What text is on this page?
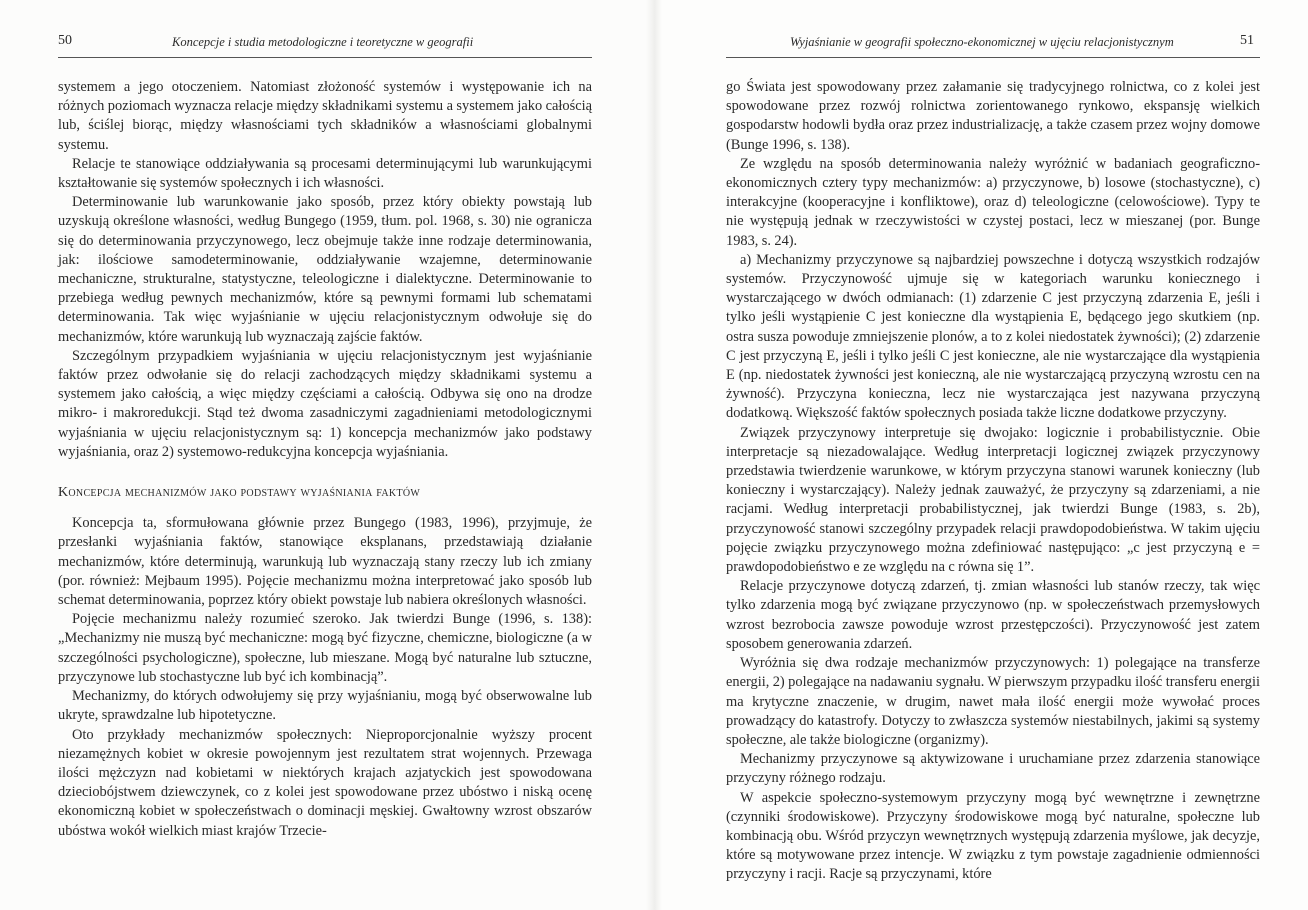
50	Koncepcje i studia metodologiczne i teoretyczne w geografii

systemem a jego otoczeniem. Natomiast złożoność systemów i występowanie ich na różnych poziomach wyznacza relacje między składnikami systemu a systemem jako całością lub, ściślej biorąc, między własnościami tych składników a własnościami globalnymi systemu.

Relacje te stanowiące oddziaływania są procesami determinującymi lub warunkującymi kształtowanie się systemów społecznych i ich własności.

Determinowanie lub warunkowanie jako sposób, przez który obiekty powstają lub uzyskują określone własności, według Bungego (1959, tłum. pol. 1968, s. 30) nie ogranicza się do determinowania przyczynowego, lecz obejmuje także inne rodzaje determinowania, jak: ilościowe samodeterminowanie, oddziaływanie wzajemne, determinowanie mechaniczne, strukturalne, statystyczne, teleologiczne i dialektyczne. Determinowanie to przebiega według pewnych mechanizmów, które są pewnymi formami lub schematami determinowania. Tak więc wyjaśnianie w ujęciu relacjonistycznym odwołuje się do mechanizmów, które warunkują lub wyznaczają zajście faktów.

Szczególnym przypadkiem wyjaśniania w ujęciu relacjonistycznym jest wyjaśnianie faktów przez odwołanie się do relacji zachodzących między składnikami systemu a systemem jako całością, a więc między częściami a całością. Odbywa się ono na drodze mikro- i makroredukcji. Stąd też dwoma zasadniczymi zagadnieniami metodologicznymi wyjaśniania w ujęciu relacjonistycznym są: 1) koncepcja mechanizmów jako podstawy wyjaśniania, oraz 2) systemowo-redukcyjna koncepcja wyjaśniania.

Koncepcja mechanizmów jako podstawy wyjaśniania faktów

Koncepcja ta, sformułowana głównie przez Bungego (1983, 1996), przyjmuje, że przesłanki wyjaśniania faktów, stanowiące eksplanans, przedstawiają działanie mechanizmów, które determinują, warunkują lub wyznaczają stany rzeczy lub ich zmiany (por. również: Mejbaum 1995). Pojęcie mechanizmu można interpretować jako sposób lub schemat determinowania, poprzez który obiekt powstaje lub nabiera określonych własności.

Pojęcie mechanizmu należy rozumieć szeroko. Jak twierdzi Bunge (1996, s. 138): „Mechanizmy nie muszą być mechaniczne: mogą być fizyczne, chemiczne, biologiczne (a w szczególności psychologiczne), społeczne, lub mieszane. Mogą być naturalne lub sztuczne, przyczynowe lub stochastyczne lub być ich kombinacją”.

Mechanizmy, do których odwołujemy się przy wyjaśnianiu, mogą być obserwowalne lub ukryte, sprawdzalne lub hipotetyczne.

Oto przykłady mechanizmów społecznych: Nieproporcjonalnie wyższy procent niezamężnych kobiet w okresie powojennym jest rezultatem strat wojennych. Przewaga ilości mężczyzn nad kobietami w niektórych krajach azjatyckich jest spowodowana dzieciobójstwem dziewczynek, co z kolei jest spowodowane przez ubóstwo i niską ocenę ekonomiczną kobiet w społeczeństwach o dominacji męskiej. Gwałtowny wzrost obszarów ubóstwa wokół wielkich miast krajów Trzecie-

Wyjaśnianie w geografii społeczno-ekonomicznej w ujęciu relacjonistycznym	51

go Świata jest spowodowany przez załamanie się tradycyjnego rolnictwa, co z kolei jest spowodowane przez rozwój rolnictwa zorientowanego rynkowo, ekspansję wielkich gospodarstw hodowli bydła oraz przez industrializację, a także czasem przez wojny domowe (Bunge 1996, s. 138).

Ze względu na sposób determinowania należy wyróżnić w badaniach geograficzno-ekonomicznych cztery typy mechanizmów: a) przyczynowe, b) losowe (stochastyczne), c) interakcyjne (kooperacyjne i konfliktowe), oraz d) teleologiczne (celowościowe). Typy te nie występują jednak w rzeczywistości w czystej postaci, lecz w mieszanej (por. Bunge 1983, s. 24).

a) Mechanizmy przyczynowe są najbardziej powszechne i dotyczą wszystkich rodzajów systemów. Przyczynowość ujmuje się w kategoriach warunku koniecznego i wystarczającego w dwóch odmianach: (1) zdarzenie C jest przyczyną zdarzenia E, jeśli i tylko jeśli wystąpienie C jest konieczne dla wystąpienia E, będącego jego skutkiem (np. ostra susza powoduje zmniejszenie plonów, a to z kolei niedostatek żywności); (2) zdarzenie C jest przyczyną E, jeśli i tylko jeśli C jest konieczne, ale nie wystarczające dla wystąpienia E (np. niedostatek żywności jest konieczną, ale nie wystarczającą przyczyną wzrostu cen na żywność). Przyczyna konieczna, lecz nie wystarczająca jest nazywana przyczyną dodatkową. Większość faktów społecznych posiada także liczne dodatkowe przyczyny.

Związek przyczynowy interpretuje się dwojako: logicznie i probabilistycznie. Obie interpretacje są niezadowalające. Według interpretacji logicznej związek przyczynowy przedstawia twierdzenie warunkowe, w którym przyczyna stanowi warunek konieczny (lub konieczny i wystarczający). Należy jednak zauważyć, że przyczyny są zdarzeniami, a nie racjami. Według interpretacji probabilistycznej, jak twierdzi Bunge (1983, s. 2b), przyczynowość stanowi szczególny przypadek relacji prawdopodobieństwa. W takim ujęciu pojęcie związku przyczynowego można zdefiniować następująco: „c jest przyczyną e = prawdopodobieństwo e ze względu na c równa się 1”.

Relacje przyczynowe dotyczą zdarzeń, tj. zmian własności lub stanów rzeczy, tak więc tylko zdarzenia mogą być związane przyczynowo (np. w społeczeństwach przemysłowych wzrost bezrobocia zawsze powoduje wzrost przestępczości). Przyczynowość jest zatem sposobem generowania zdarzeń.

Wyróżnia się dwa rodzaje mechanizmów przyczynowych: 1) polegające na transferze energii, 2) polegające na nadawaniu sygnału. W pierwszym przypadku ilość transferu energii ma krytyczne znaczenie, w drugim, nawet mała ilość energii może wywołać proces prowadzący do katastrofy. Dotyczy to zwłaszcza systemów niestabilnych, jakimi są systemy społeczne, ale także biologiczne (organizmy).

Mechanizmy przyczynowe są aktywizowane i uruchamiane przez zdarzenia stanowiące przyczyny różnego rodzaju.

W aspekcie społeczno-systemowym przyczyny mogą być wewnętrzne i zewnętrzne (czynniki środowiskowe). Przyczyny środowiskowe mogą być naturalne, społeczne lub kombinacją obu. Wśród przyczyn wewnętrznych występują zdarzenia myślowe, jak decyzje, które są motywowane przez intencje. W związku z tym powstaje zagadnienie odmienności przyczyny i racji. Racje są przyczynami, które
